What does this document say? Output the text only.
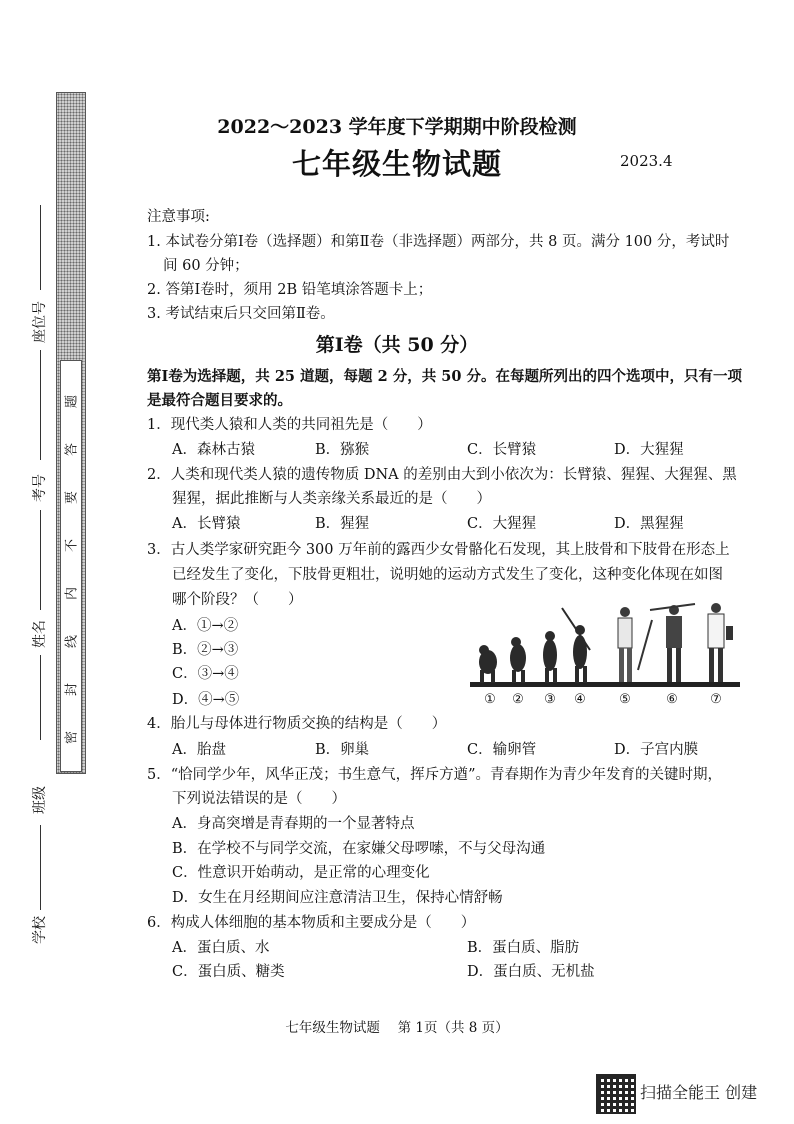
题
答
要
不
内
线
封
密
座位号
考号
姓名
班级
学校
2022～2023 学年度下学期期中阶段检测
七年级生物试题	2023.4
注意事项:
1. 本试卷分第Ⅰ卷（选择题）和第Ⅱ卷（非选择题）两部分，共 8 页。满分 100 分，考试时
间 60 分钟；
2. 答第Ⅰ卷时，须用 2B 铅笔填涂答题卡上；
3. 考试结束后只交回第Ⅱ卷。
第Ⅰ卷（共 50 分）
第Ⅰ卷为选择题，共 25 道题，每题 2 分，共 50 分。在每题所列出的四个选项中，只有一项
是最符合题目要求的。
1．现代类人猿和人类的共同祖先是（　　）
A．森林古猿	B．猕猴	C．长臂猿	D．大猩猩
2．人类和现代类人猿的遗传物质 DNA 的差别由大到小依次为：长臂猿、猩猩、大猩猩、黑
猩猩，据此推断与人类亲缘关系最近的是（　　）
A．长臂猿	B．猩猩	C．大猩猩	D．黑猩猩
3．古人类学家研究距今 300 万年前的露西少女骨骼化石发现，其上肢骨和下肢骨在形态上
已经发生了变化，下肢骨更粗壮，说明她的运动方式发生了变化，这种变化体现在如图
哪个阶段？（　　）
A．①→②
B．②→③
C．③→④
D．④→⑤	① ② ③ ④	⑤	⑥ ⑦
4．胎儿与母体进行物质交换的结构是（　　）
A．胎盘	B．卵巢	C．输卵管	D．子宫内膜
5．“恰同学少年，风华正茂；书生意气，挥斥方遒”。青春期作为青少年发育的关键时期，
下列说法错误的是（　　）
A．身高突增是青春期的一个显著特点
B．在学校不与同学交流，在家嫌父母啰嗦，不与父母沟通
C．性意识开始萌动，是正常的心理变化
D．女生在月经期间应注意清洁卫生，保持心情舒畅
6．构成人体细胞的基本物质和主要成分是（　　）
A．蛋白质、水	B．蛋白质、脂肪
C．蛋白质、糖类	D．蛋白质、无机盐
七年级生物试题　 第 1页（共 8 页）
扫描全能王 创建
